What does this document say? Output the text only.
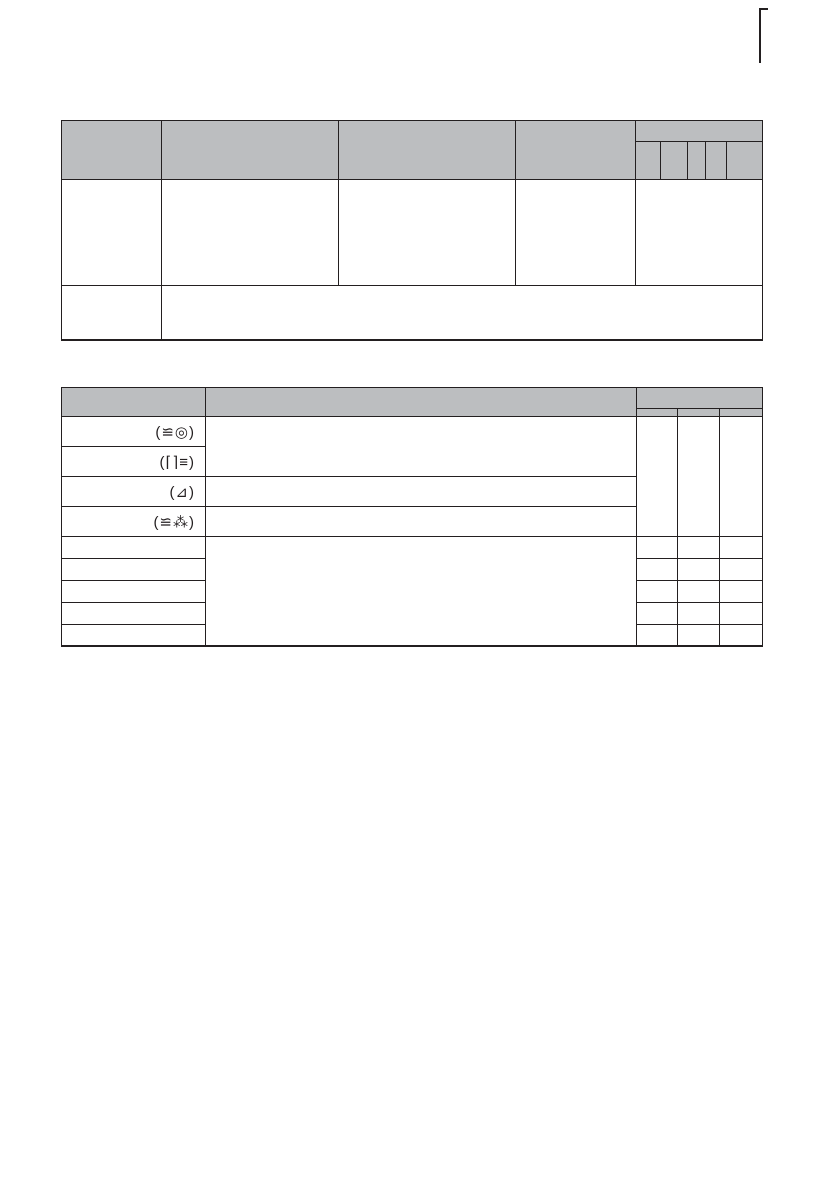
(≌◎)				
(⌈⌉≡)				
(⊿)				
(≌⁂)				
